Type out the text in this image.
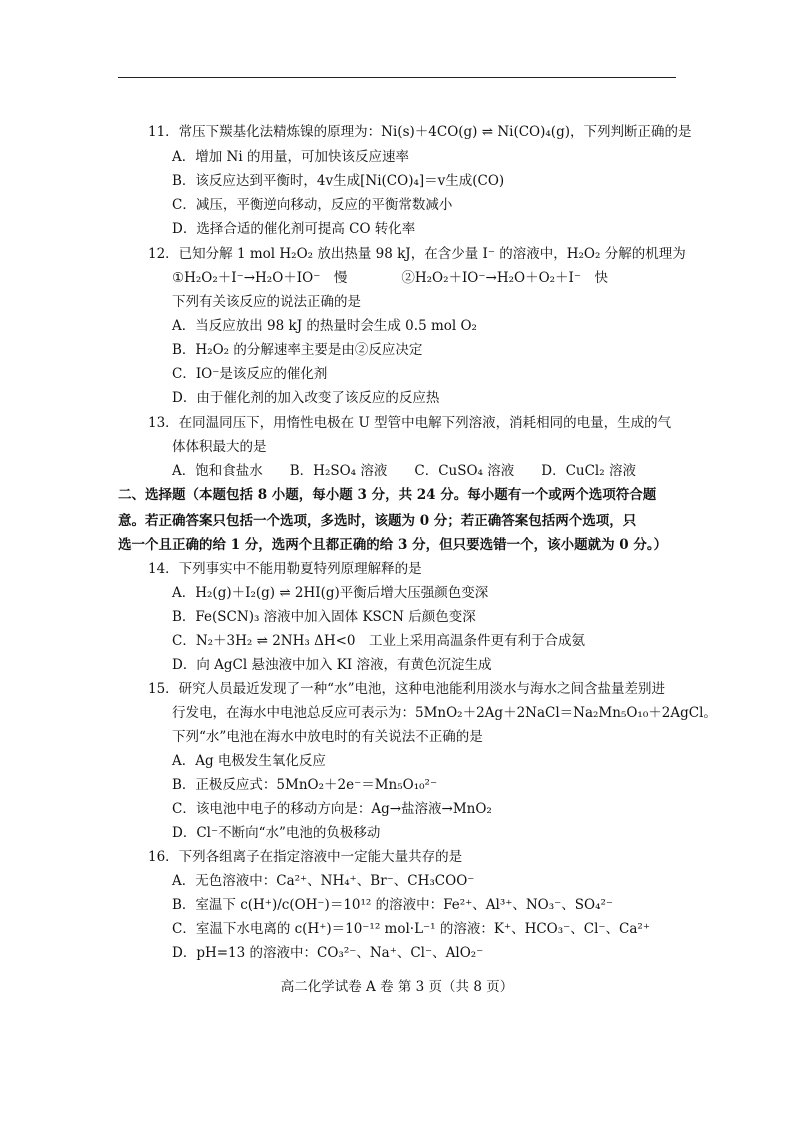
11．常压下羰基化法精炼镍的原理为：Ni(s)＋4CO(g) ⇌ Ni(CO)₄(g)，下列判断正确的是
A．增加 Ni 的用量，可加快该反应速率
B．该反应达到平衡时，4v生成[Ni(CO)₄]＝v生成(CO)
C．减压，平衡逆向移动，反应的平衡常数减小
D．选择合适的催化剂可提高 CO 转化率
12．已知分解 1 mol H₂O₂ 放出热量 98 kJ，在含少量 I⁻ 的溶液中，H₂O₂ 分解的机理为
①H₂O₂＋I⁻→H₂O＋IO⁻　慢　　　　②H₂O₂＋IO⁻→H₂O＋O₂＋I⁻　快
下列有关该反应的说法正确的是
A．当反应放出 98 kJ 的热量时会生成 0.5 mol O₂
B．H₂O₂ 的分解速率主要是由②反应决定
C．IO⁻是该反应的催化剂
D．由于催化剂的加入改变了该反应的反应热
13．在同温同压下，用惰性电极在 U 型管中电解下列溶液，消耗相同的电量，生成的气
体体积最大的是
A．饱和食盐水　　B．H₂SO₄ 溶液　　C．CuSO₄ 溶液　　D．CuCl₂ 溶液
二、选择题（本题包括 8 小题，每小题 3 分，共 24 分。每小题有一个或两个选项符合题
意。若正确答案只包括一个选项，多选时，该题为 0 分；若正确答案包括两个选项，只
选一个且正确的给 1 分，选两个且都正确的给 3 分，但只要选错一个，该小题就为 0 分。）
14．下列事实中不能用勒夏特列原理解释的是
A．H₂(g)＋I₂(g) ⇌ 2HI(g)平衡后增大压强颜色变深
B．Fe(SCN)₃ 溶液中加入固体 KSCN 后颜色变深
C．N₂＋3H₂ ⇌ 2NH₃ ΔH<0　工业上采用高温条件更有利于合成氨
D．向 AgCl 悬浊液中加入 KI 溶液，有黄色沉淀生成
15．研究人员最近发现了一种“水”电池，这种电池能利用淡水与海水之间含盐量差别进
行发电，在海水中电池总反应可表示为：5MnO₂＋2Ag＋2NaCl＝Na₂Mn₅O₁₀＋2AgCl。
下列“水”电池在海水中放电时的有关说法不正确的是
A．Ag 电极发生氧化反应
B．正极反应式：5MnO₂＋2e⁻＝Mn₅O₁₀²⁻
C．该电池中电子的移动方向是：Ag→盐溶液→MnO₂
D．Cl⁻不断向“水”电池的负极移动
16．下列各组离子在指定溶液中一定能大量共存的是
A．无色溶液中：Ca²⁺、NH₄⁺、Br⁻、CH₃COO⁻
B．室温下 c(H⁺)/c(OH⁻)＝10¹² 的溶液中：Fe²⁺、Al³⁺、NO₃⁻、SO₄²⁻
C．室温下水电离的 c(H⁺)＝10⁻¹² mol·L⁻¹ 的溶液：K⁺、HCO₃⁻、Cl⁻、Ca²⁺
D．pH=13 的溶液中：CO₃²⁻、Na⁺、Cl⁻、AlO₂⁻
高二化学试卷 A 卷 第 3 页（共 8 页）
